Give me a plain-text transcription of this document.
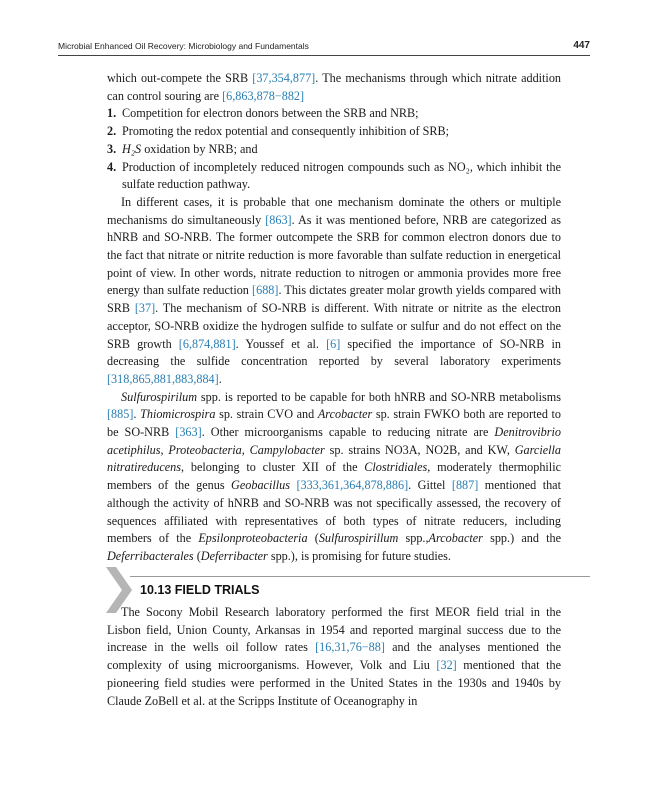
Microbial Enhanced Oil Recovery: Microbiology and Fundamentals	447

which out-compete the SRB [37,354,877]. The mechanisms through which nitrate addition can control souring are [6,863,878−882]

1. Competition for electron donors between the SRB and NRB;
2. Promoting the redox potential and consequently inhibition of SRB;
3. H₂S oxidation by NRB; and
4. Production of incompletely reduced nitrogen compounds such as NO₂, which inhibit the sulfate reduction pathway.

In different cases, it is probable that one mechanism dominate the others or multiple mechanisms do simultaneously [863]. As it was mentioned before, NRB are categorized as hNRB and SO-NRB. The former outcompete the SRB for common electron donors due to the fact that nitrate or nitrite reduction is more favorable than sulfate reduction in energetical point of view. In other words, nitrate reduction to nitrogen or ammonia provides more free energy than sulfate reduction [688]. This dictates greater molar growth yields compared with SRB [37]. The mechanism of SO-NRB is different. With nitrate or nitrite as the electron acceptor, SO-NRB oxidize the hydrogen sulfide to sulfate or sulfur and do not effect on the SRB growth [6,874,881]. Youssef et al. [6] specified the importance of SO-NRB in decreasing the sulfide concentration reported by several laboratory experiments [318,865,881,883,884].

Sulfurospirilum spp. is reported to be capable for both hNRB and SO-NRB metabolisms [885]. Thiomicrospira sp. strain CVO and Arcobacter sp. strain FWKO both are reported to be SO-NRB [363]. Other microorganisms capable to reducing nitrate are Denitrovibrio acetiphilus, Proteobacteria, Campylobacter sp. strains NO3A, NO2B, and KW, Garciella nitratireducens, belonging to cluster XII of the Clostridiales, moderately thermophilic members of the genus Geobacillus [333,361,364,878,886]. Gittel [887] mentioned that although the activity of hNRB and SO-NRB was not specifically assessed, the recovery of sequences affiliated with representatives of both types of nitrate reducers, including members of the Epsilonproteobacteria (Sulfurospirillum spp.,Arcobacter spp.) and the Deferribacterales (Deferribacter spp.), is promising for future studies.

10.13 FIELD TRIALS

The Socony Mobil Research laboratory performed the first MEOR field trial in the Lisbon field, Union County, Arkansas in 1954 and reported marginal success due to the increase in the wells oil follow rates [16,31,76−88] and the analyses mentioned the complexity of using microorganisms. However, Volk and Liu [32] mentioned that the pioneering field studies were performed in the United States in the 1930s and 1940s by Claude ZoBell et al. at the Scripps Institute of Oceanography in
